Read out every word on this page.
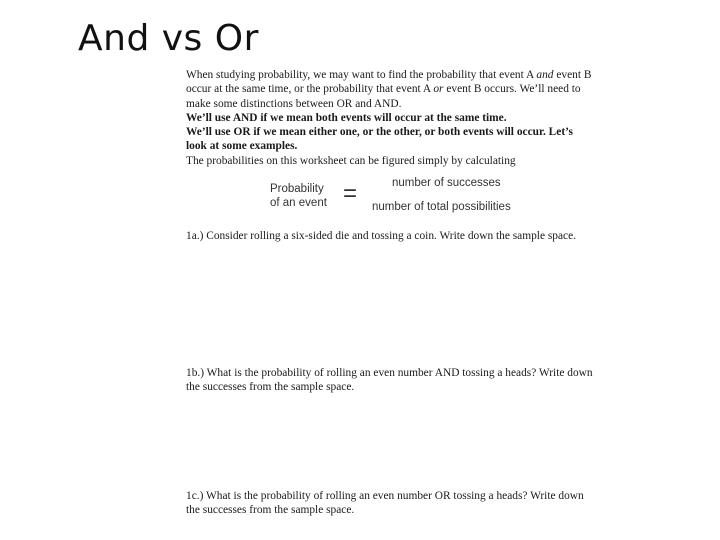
And vs Or

When studying probability, we may want to find the probability that event A and event B

occur at the same time, or the probability that event A or event B occurs. We’ll need to

make some distinctions between OR and AND.

We’ll use AND if we mean both events will occur at the same time.

We’ll use OR if we mean either one, or the other, or both events will occur. Let’s

look at some examples.

The probabilities on this worksheet can be figured simply by calculating

Probability
of an event =	number of successes
number of total possibilities
1a.) Consider rolling a six-sided die and tossing a coin. Write down the sample space.
1b.) What is the probability of rolling an even number AND tossing a heads? Write down
the successes from the sample space.
1c.) What is the probability of rolling an even number OR tossing a heads? Write down
the successes from the sample space.
